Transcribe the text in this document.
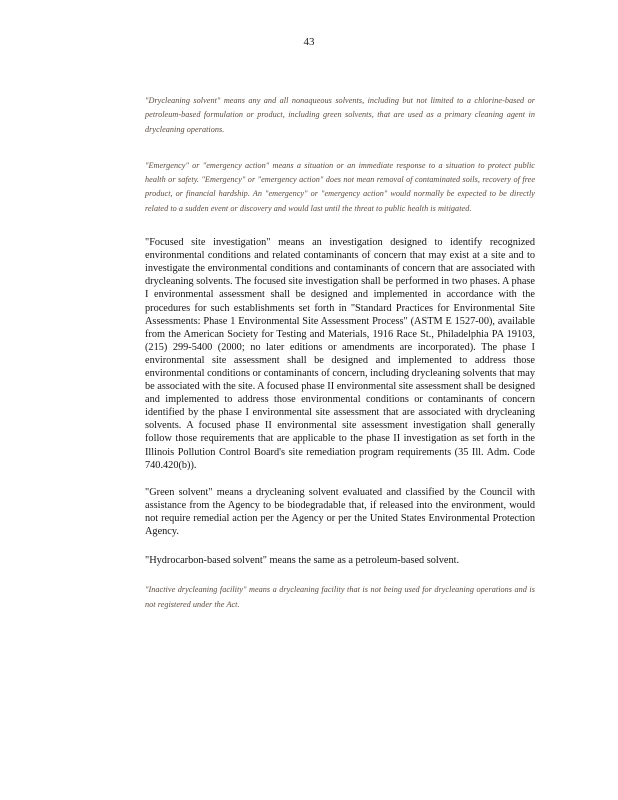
43

"Drycleaning solvent" means any and all nonaqueous solvents, including but not limited to a chlorine-based or petroleum-based formulation or product, including green solvents, that are used as a primary cleaning agent in drycleaning operations.

"Emergency" or "emergency action" means a situation or an immediate response to a situation to protect public health or safety. "Emergency" or "emergency action" does not mean removal of contaminated soils, recovery of free product, or financial hardship. An "emergency" or "emergency action" would normally be expected to be directly related to a sudden event or discovery and would last until the threat to public health is mitigated.

"Focused site investigation" means an investigation designed to identify recognized environmental conditions and related contaminants of concern that may exist at a site and to investigate the environmental conditions and contaminants of concern that are associated with drycleaning solvents. The focused site investigation shall be performed in two phases. A phase I environmental assessment shall be designed and implemented in accordance with the procedures for such establishments set forth in "Standard Practices for Environmental Site Assessments: Phase 1 Environmental Site Assessment Process" (ASTM E 1527-00), available from the American Society for Testing and Materials, 1916 Race St., Philadelphia PA 19103, (215) 299-5400 (2000; no later editions or amendments are incorporated). The phase I environmental site assessment shall be designed and implemented to address those environmental conditions or contaminants of concern, including drycleaning solvents that may be associated with the site. A focused phase II environmental site assessment shall be designed and implemented to address those environmental conditions or contaminants of concern identified by the phase I environmental site assessment that are associated with drycleaning solvents. A focused phase II environmental site assessment investigation shall generally follow those requirements that are applicable to the phase II investigation as set forth in the Illinois Pollution Control Board's site remediation program requirements (35 Ill. Adm. Code 740.420(b)).

"Green solvent" means a drycleaning solvent evaluated and classified by the Council with assistance from the Agency to be biodegradable that, if released into the environment, would not require remedial action per the Agency or per the United States Environmental Protection Agency.

"Hydrocarbon-based solvent" means the same as a petroleum-based solvent.

"Inactive drycleaning facility" means a drycleaning facility that is not being used for drycleaning operations and is not registered under the Act.
